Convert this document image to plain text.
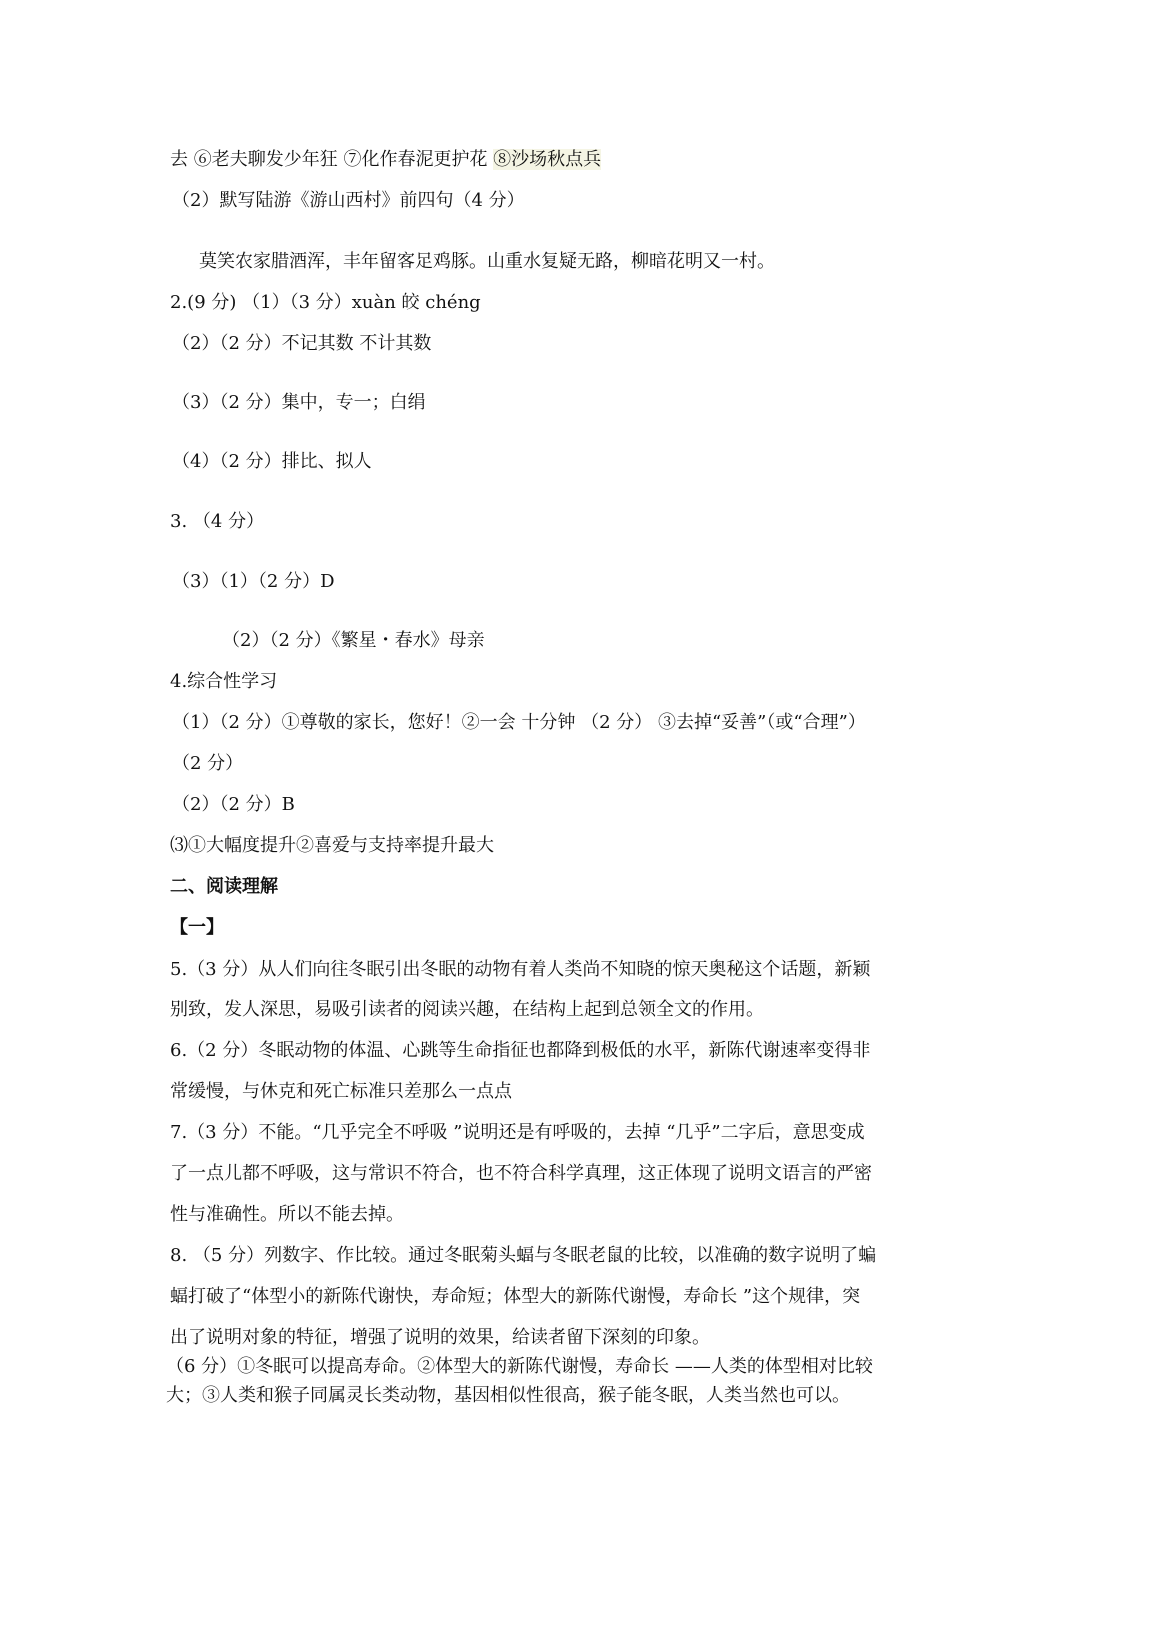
去 ⑥老夫聊发少年狂 ⑦化作春泥更护花 ⑧沙场秋点兵
（2）默写陆游《游山西村》前四句（4 分）
莫笑农家腊酒浑，丰年留客足鸡豚。山重水复疑无路，柳暗花明又一村。
2.(9 分) （1）（3 分）xuàn 皎 chéng
（2）（2 分）不记其数 不计其数
（3）（2 分）集中，专一；白绢
（4）（2 分）排比、拟人
3. （4 分）
（3）（1）（2 分）D
（2）（2 分）《繁星・春水》母亲
4.综合性学习
（1）（2 分）①尊敬的家长，您好！②一会 十分钟 （2 分） ③去掉“妥善”（或“合理”）
（2 分）
（2）（2 分）B
⑶①大幅度提升②喜爱与支持率提升最大
二、阅读理解
【一】
5.（3 分）从人们向往冬眠引出冬眠的动物有着人类尚不知晓的惊天奥秘这个话题，新颖
别致，发人深思，易吸引读者的阅读兴趣，在结构上起到总领全文的作用。
6.（2 分）冬眠动物的体温、心跳等生命指征也都降到极低的水平，新陈代谢速率变得非
常缓慢，与休克和死亡标准只差那么一点点
7.（3 分）不能。“几乎完全不呼吸 ”说明还是有呼吸的，去掉 “几乎”二字后，意思变成
了一点儿都不呼吸，这与常识不符合，也不符合科学真理，这正体现了说明文语言的严密
性与准确性。所以不能去掉。
8. （5 分）列数字、作比较。通过冬眠菊头蝠与冬眠老鼠的比较，以准确的数字说明了蝙
蝠打破了“体型小的新陈代谢快，寿命短；体型大的新陈代谢慢，寿命长 ”这个规律，突
出了说明对象的特征，增强了说明的效果，给读者留下深刻的印象。
（6 分）①冬眠可以提高寿命。②体型大的新陈代谢慢，寿命长 ——人类的体型相对比较
大；③人类和猴子同属灵长类动物，基因相似性很高，猴子能冬眠，人类当然也可以。
